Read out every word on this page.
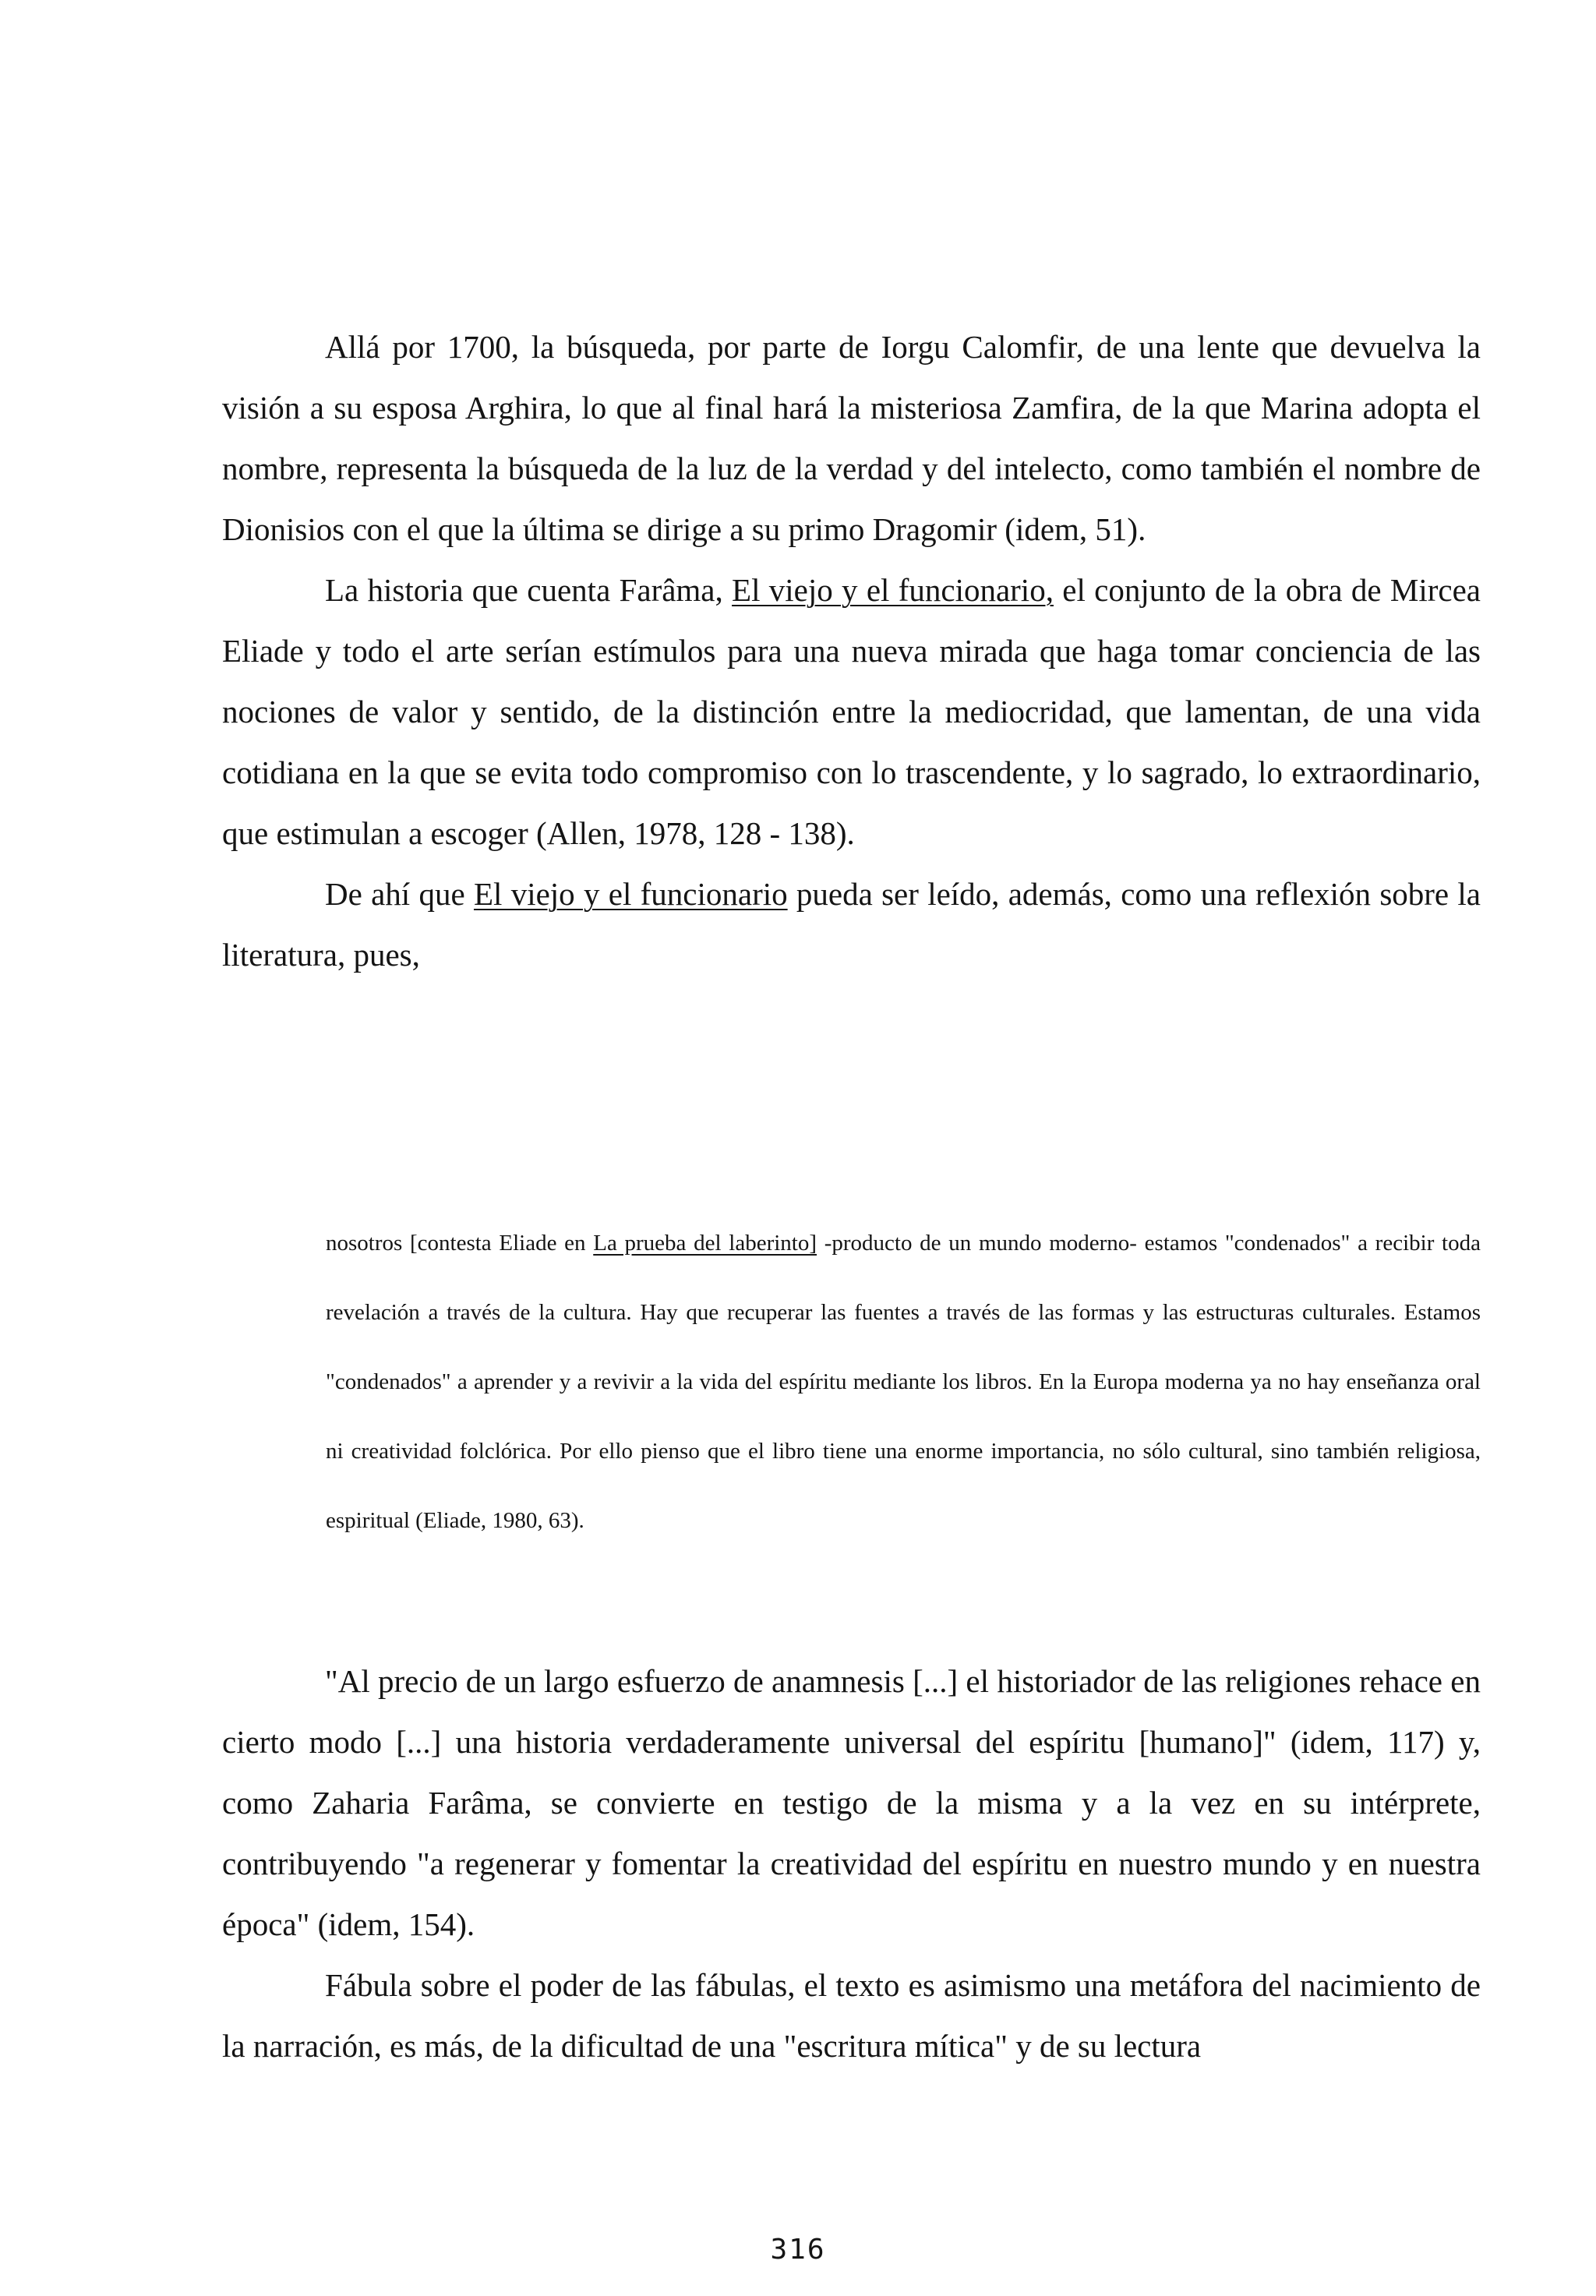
Allá por 1700, la búsqueda, por parte de Iorgu Calomfir, de una lente que devuelva la visión a su esposa Arghira, lo que al final hará la misteriosa Zamfira, de la que Marina adopta el nombre, representa la búsqueda de la luz de la verdad y del intelecto, como también el nombre de Dionisios con el que la última se dirige a su primo Dragomir (idem, 51).

La historia que cuenta Farâma, El viejo y el funcionario, el conjunto de la obra de Mircea Eliade y todo el arte serían estímulos para una nueva mirada que haga tomar conciencia de las nociones de valor y sentido, de la distinción entre la mediocridad, que lamentan, de una vida cotidiana en la que se evita todo compromiso con lo trascendente, y lo sagrado, lo extraordinario, que estimulan a escoger (Allen, 1978, 128 - 138).

De ahí que El viejo y el funcionario pueda ser leído, además, como una reflexión sobre la literatura, pues,

nosotros [contesta Eliade en La prueba del laberinto] -producto de un mundo moderno- estamos "condenados" a recibir toda revelación a través de la cultura. Hay que recuperar las fuentes a través de las formas y las estructuras culturales. Estamos "condenados" a aprender y a revivir a la vida del espíritu mediante los libros. En la Europa moderna ya no hay enseñanza oral ni creatividad folclórica. Por ello pienso que el libro tiene una enorme importancia, no sólo cultural, sino también religiosa, espiritual (Eliade, 1980, 63).

"Al precio de un largo esfuerzo de anamnesis [...] el historiador de las religiones rehace en cierto modo [...] una historia verdaderamente universal del espíritu [humano]" (idem, 117) y, como Zaharia Farâma, se convierte en testigo de la misma y a la vez en su intérprete, contribuyendo "a regenerar y fomentar la creatividad del espíritu en nuestro mundo y en nuestra época" (idem, 154).

Fábula sobre el poder de las fábulas, el texto es asimismo una metáfora del nacimiento de la narración, es más, de la dificultad de una "escritura mítica" y de su lectura

316
